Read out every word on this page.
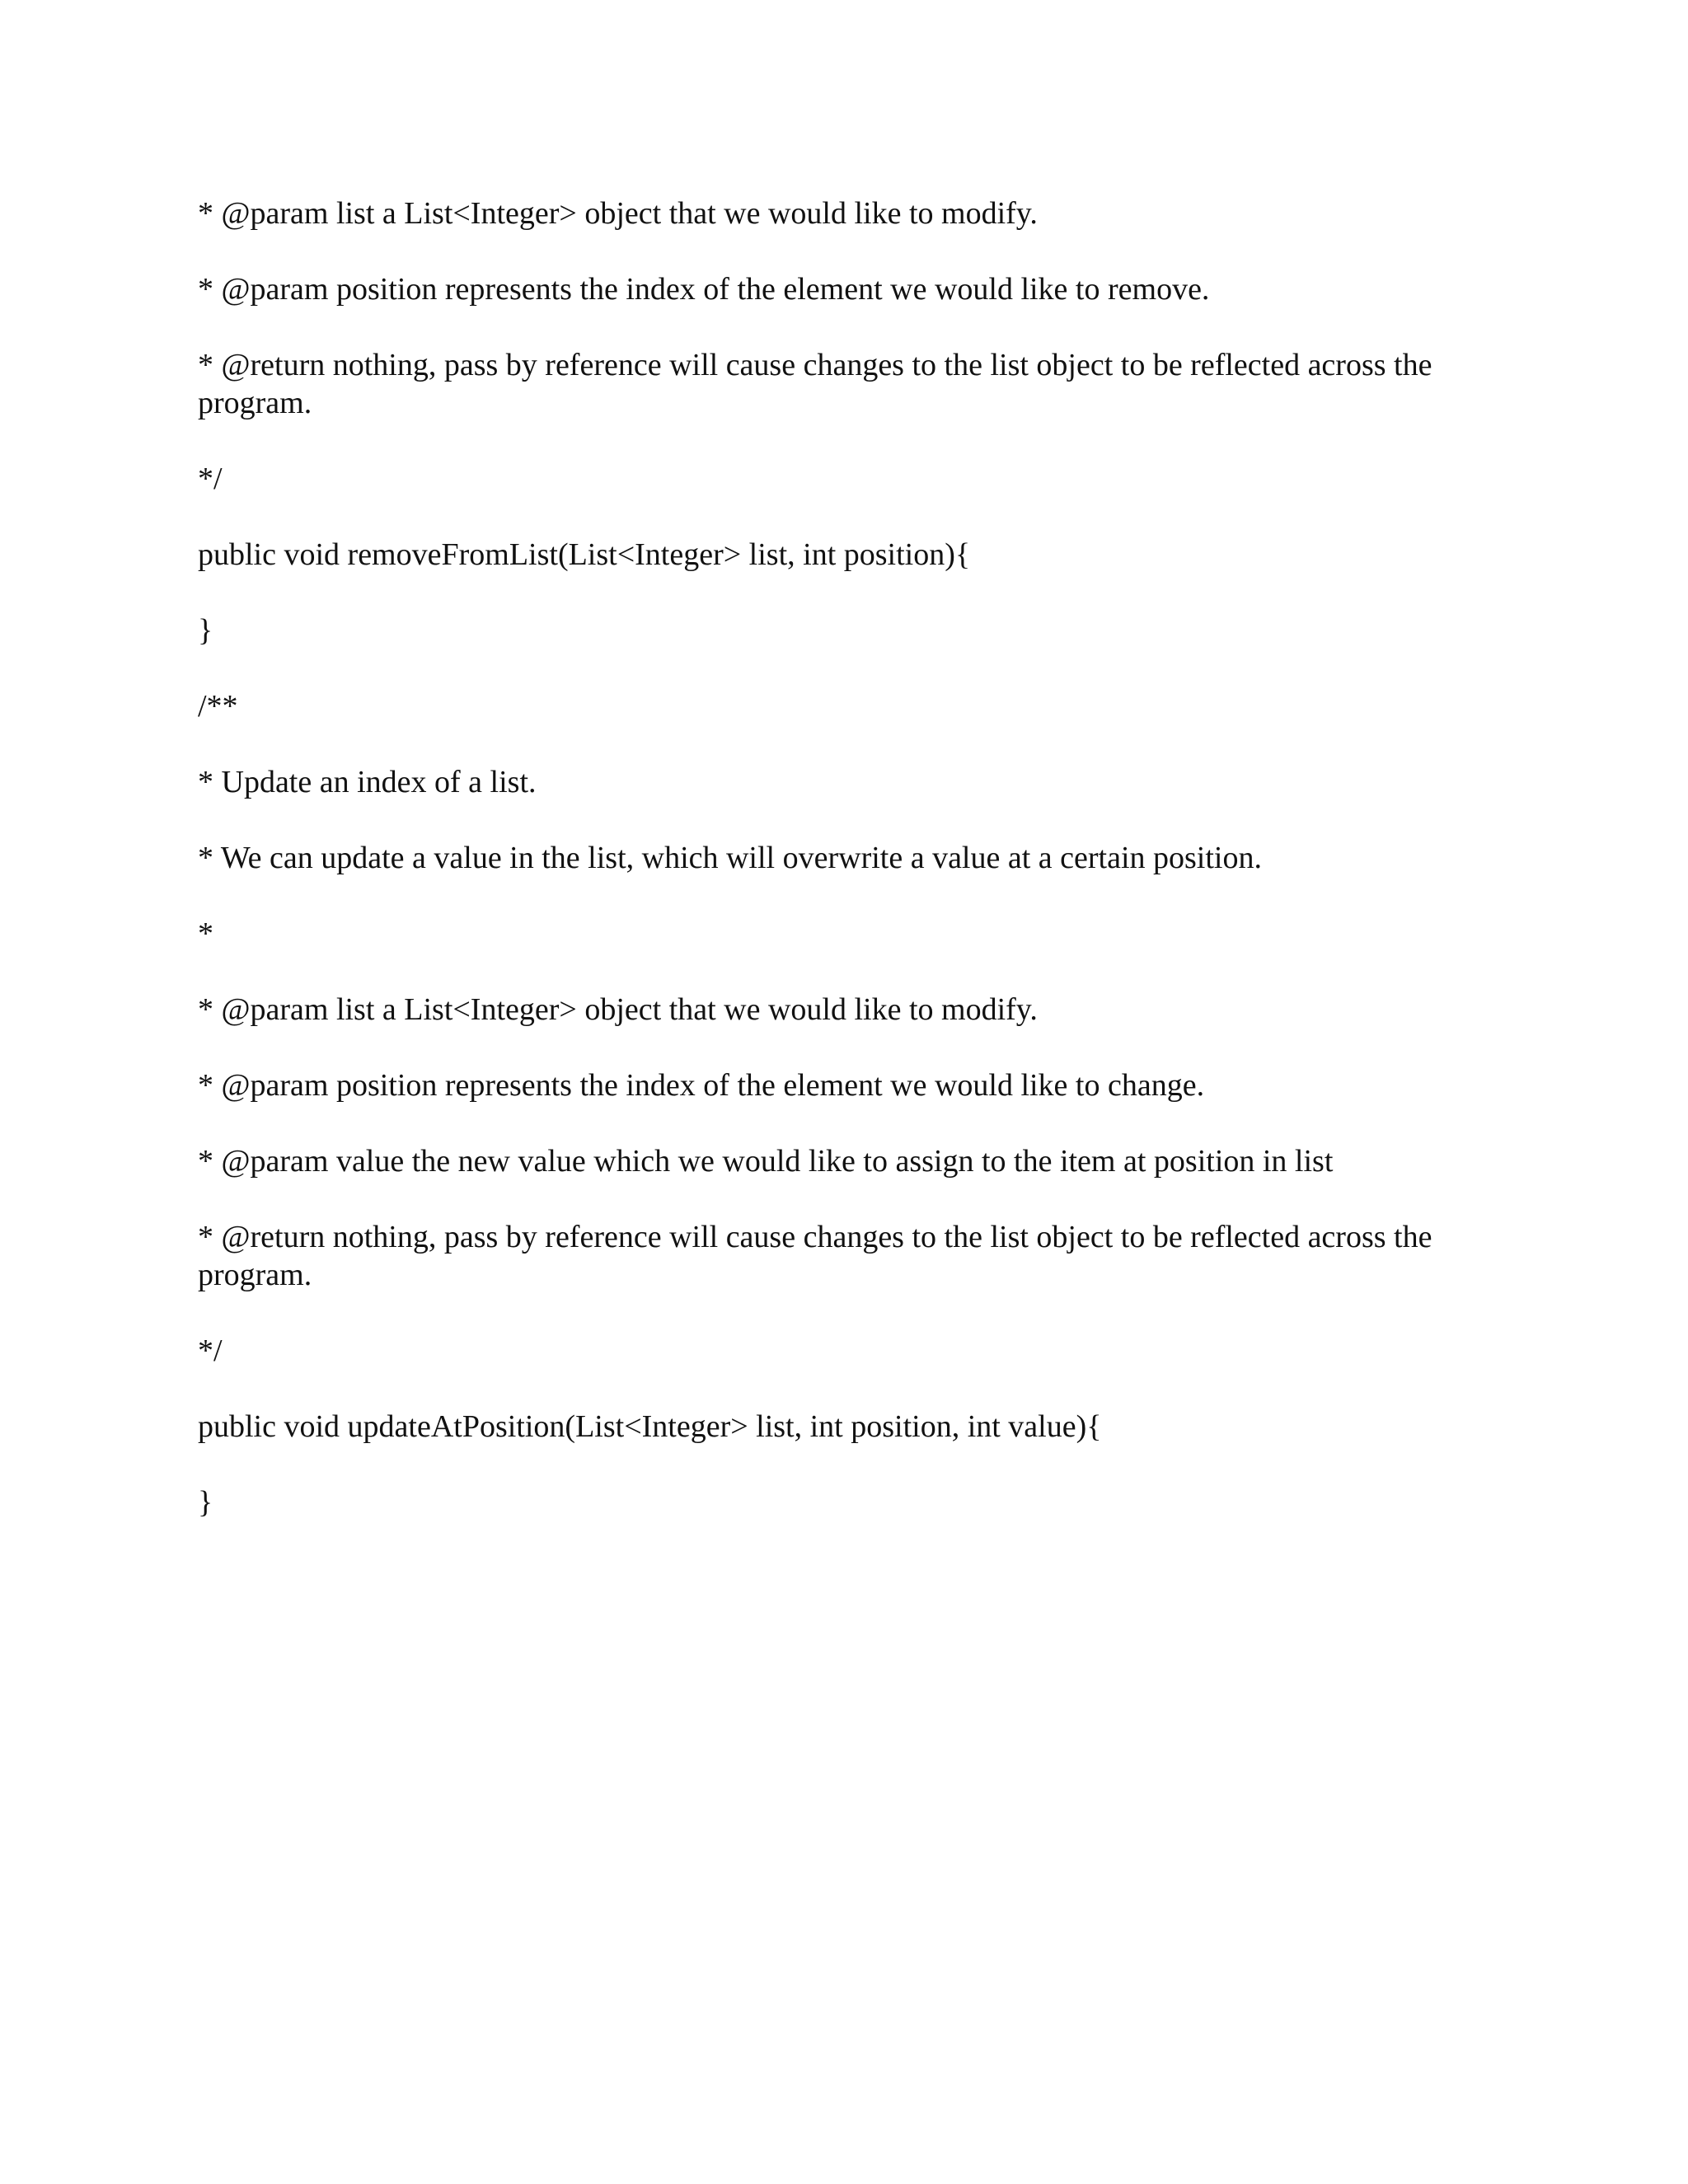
* @param list a List<Integer> object that we would like to modify.

* @param position represents the index of the element we would like to remove.

* @return nothing, pass by reference will cause changes to the list object to be reflected across the program.

*/

public void removeFromList(List<Integer> list, int position){

}

/**

* Update an index of a list.

* We can update a value in the list, which will overwrite a value at a certain position.

*

* @param list a List<Integer> object that we would like to modify.

* @param position represents the index of the element we would like to change.

* @param value the new value which we would like to assign to the item at position in list

* @return nothing, pass by reference will cause changes to the list object to be reflected across the program.

*/

public void updateAtPosition(List<Integer> list, int position, int value){

}
